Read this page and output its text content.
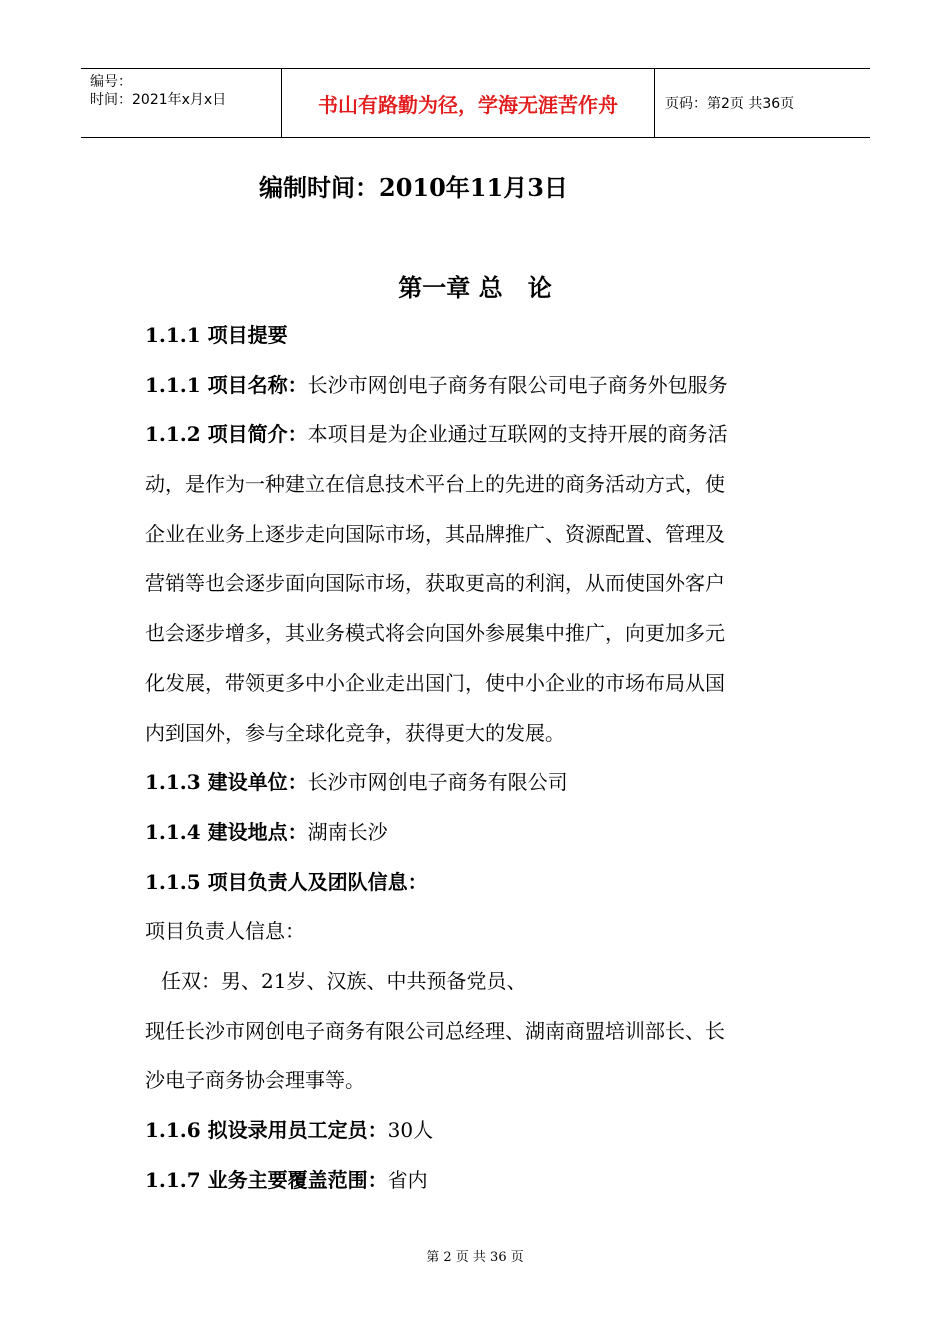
编号：
时间：2021年x月x日	书山有路勤为径，学海无涯苦作舟	页码：第2页 共36页
编制时间：2010年11月3日
第一章 总   论
1.1.1 项目提要
1.1.1 项目名称：长沙市网创电子商务有限公司电子商务外包服务
1.1.2 项目简介：本项目是为企业通过互联网的支持开展的商务活
动，是作为一种建立在信息技术平台上的先进的商务活动方式，使
企业在业务上逐步走向国际市场，其品牌推广、资源配置、管理及
营销等也会逐步面向国际市场，获取更高的利润，从而使国外客户
也会逐步增多，其业务模式将会向国外参展集中推广，向更加多元
化发展，带领更多中小企业走出国门，使中小企业的市场布局从国
内到国外，参与全球化竞争，获得更大的发展。
1.1.3 建设单位：长沙市网创电子商务有限公司
1.1.4 建设地点：湖南长沙
1.1.5 项目负责人及团队信息：
项目负责人信息：
任双：男、21岁、汉族、中共预备党员、
现任长沙市网创电子商务有限公司总经理、湖南商盟培训部长、长
沙电子商务协会理事等。
1.1.6 拟设录用员工定员：30人
1.1.7 业务主要覆盖范围：省内
第 2 页 共 36 页
